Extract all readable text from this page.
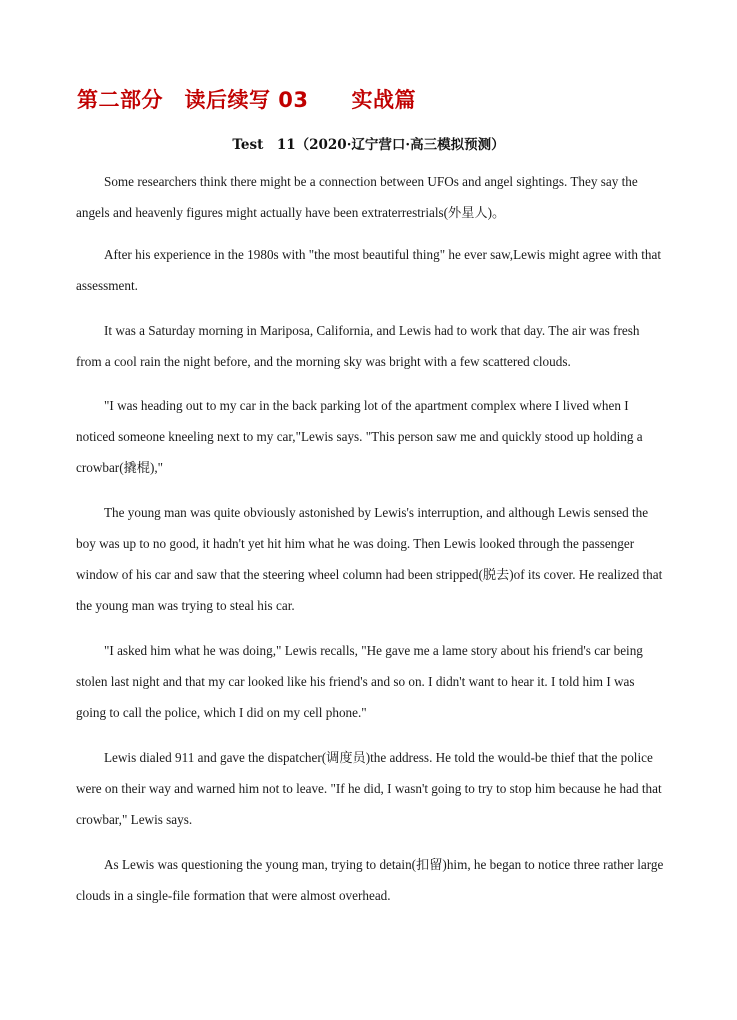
第二部分　读后续写 03　　实战篇
Test　11（2020·辽宁营口·高三模拟预测）

Some researchers think there might be a connection between UFOs and angel sightings. They say the angels and heavenly figures might actually have been extraterrestrials(外星人)。

After his experience in the 1980s with "the most beautiful thing" he ever saw,Lewis might agree with that assessment.

It was a Saturday morning in Mariposa, California, and Lewis had to work that day. The air was fresh from a cool rain the night before, and the morning sky was bright with a few scattered clouds.

"I was heading out to my car in the back parking lot of the apartment complex where I lived when I noticed someone kneeling next to my car,"Lewis says. "This person saw me and quickly stood up holding a crowbar(撬棍),"

The young man was quite obviously astonished by Lewis's interruption, and although Lewis sensed the boy was up to no good, it hadn't yet hit him what he was doing. Then Lewis looked through the passenger window of his car and saw that the steering wheel column had been stripped(脱去)of its cover. He realized that the young man was trying to steal his car.

"I asked him what he was doing," Lewis recalls, "He gave me a lame story about his friend's car being stolen last night and that my car looked like his friend's and so on. I didn't want to hear it. I told him I was going to call the police, which I did on my cell phone."

Lewis dialed 911 and gave the dispatcher(调度员)the address. He told the would-be thief that the police were on their way and warned him not to leave. "If he did, I wasn't going to try to stop him because he had that crowbar," Lewis says.

As Lewis was questioning the young man, trying to detain(扣留)him, he began to notice three rather large clouds in a single-file formation that were almost overhead.
